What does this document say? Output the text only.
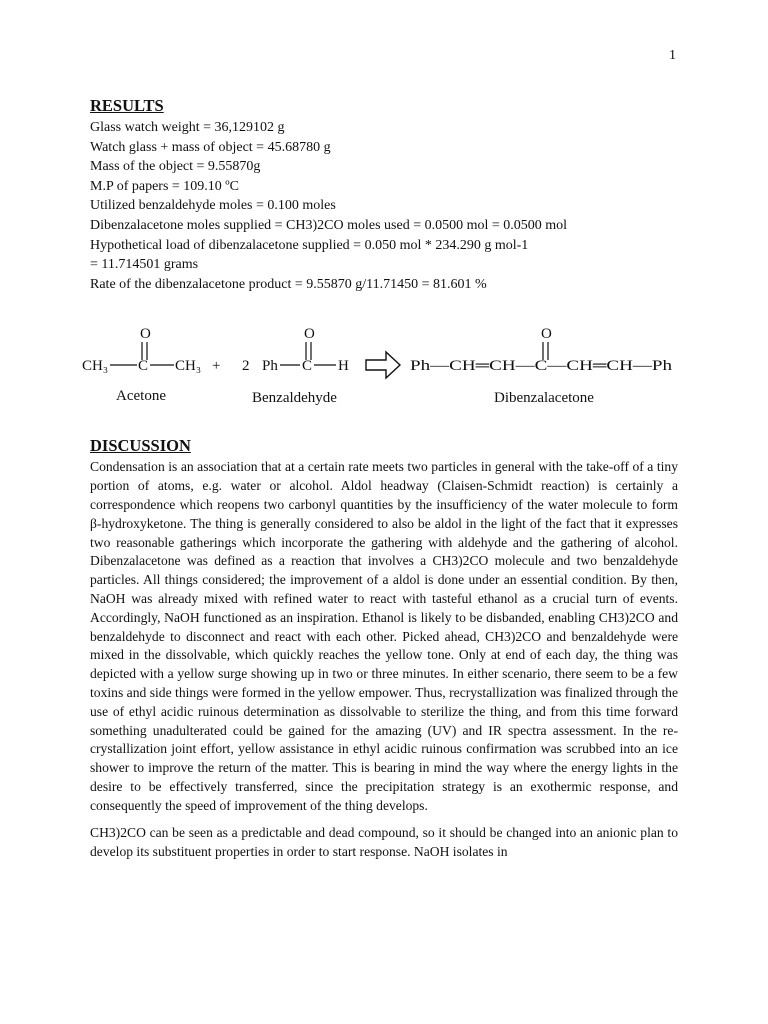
1
RESULTS
Glass watch weight = 36,129102 g
Watch glass + mass of object = 45.68780 g
Mass of the object = 9.55870g
M.P of papers = 109.10 ºC
Utilized benzaldehyde moles = 0.100 moles
Dibenzalacetone moles supplied = CH3)2CO moles used = 0.0500 mol = 0.0500 mol
Hypothetical load of dibenzalacetone supplied = 0.050 mol * 234.290 g mol-1
= 11.714501 grams
Rate of the dibenzalacetone product = 9.55870 g/11.71450 = 81.601 %
O
CH₃ C CH₃
Acetone
+ 2
O
Ph C H
Benzaldehyde
O
Ph—CH═CH—C—CH═CH—Ph
Dibenzalacetone
DISCUSSION

Condensation is an association that at a certain rate meets two particles in general with the take-off of a tiny portion of atoms, e.g. water or alcohol. Aldol headway (Claisen-Schmidt reaction) is certainly a correspondence which reopens two carbonyl quantities by the insufficiency of the water molecule to form β-hydroxyketone. The thing is generally considered to also be aldol in the light of the fact that it expresses two reasonable gatherings which incorporate the gathering with aldehyde and the gathering of alcohol. Dibenzalacetone was defined as a reaction that involves a CH3)2CO molecule and two benzaldehyde particles. All things considered; the improvement of a aldol is done under an essential condition. By then, NaOH was already mixed with refined water to react with tasteful ethanol as a crucial turn of events. Accordingly, NaOH functioned as an inspiration. Ethanol is likely to be disbanded, enabling CH3)2CO and benzaldehyde to disconnect and react with each other. Picked ahead, CH3)2CO and benzaldehyde were mixed in the dissolvable, which quickly reaches the yellow tone. Only at end of each day, the thing was depicted with a yellow surge showing up in two or three minutes. In either scenario, there seem to be a few toxins and side things were formed in the yellow empower. Thus, recrystallization was finalized through the use of ethyl acidic ruinous determination as dissolvable to sterilize the thing, and from this time forward something unadulterated could be gained for the amazing (UV) and IR spectra assessment. In the re-crystallization joint effort, yellow assistance in ethyl acidic ruinous confirmation was scrubbed into an ice shower to improve the return of the matter. This is bearing in mind the way where the energy lights in the desire to be effectively transferred, since the precipitation strategy is an exothermic response, and consequently the speed of improvement of the thing develops.

CH3)2CO can be seen as a predictable and dead compound, so it should be changed into an anionic plan to develop its substituent properties in order to start response. NaOH isolates in
